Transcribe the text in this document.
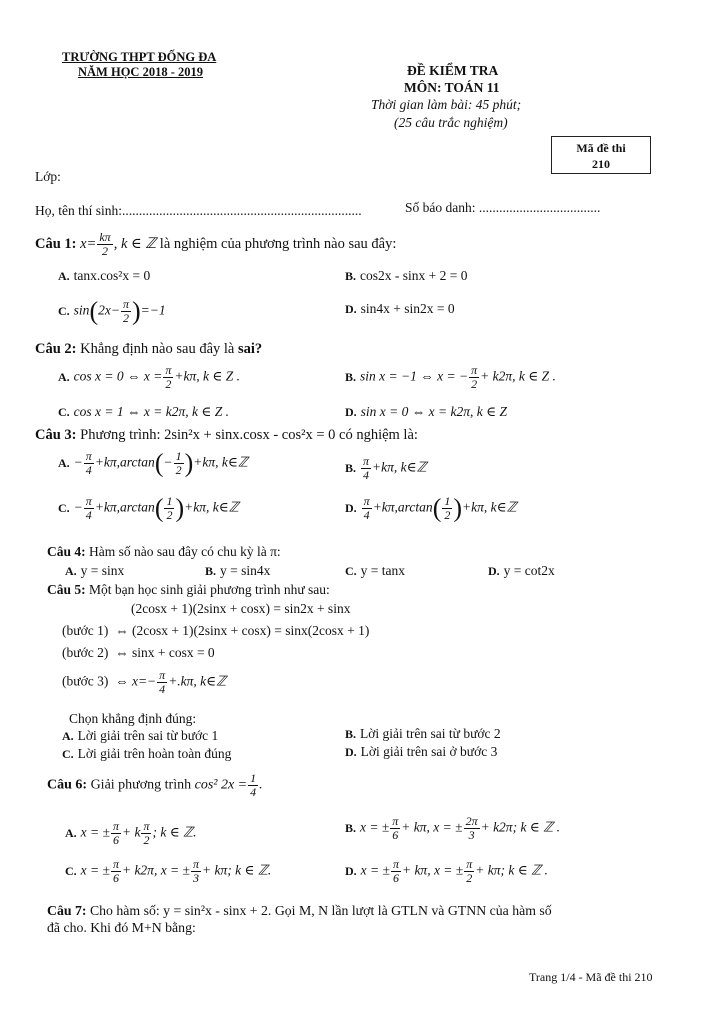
TRƯỜNG THPT ĐỐNG ĐA
NĂM HỌC 2018 - 2019	ĐỀ KIỂM TRA
MÔN: TOÁN 11
Thời gian làm bài: 45 phút;
(25 câu trắc nghiệm)
Mã đề thi
210
Lớp:
Họ, tên thí sinh:.......................................................................	Số báo danh: ....................................
Câu 1: $x= \frac{k\pi}{2}$ , k ∈ ℤ là nghiệm của phương trình nào sau đây:
A. tanx.cos²x = 0	B. cos2x - sinx + 2 = 0
C. $\sin(2x- \frac{\pi}{2} )=-1$	D. sin4x + sin2x = 0
Câu 2: Khẳng định nào sau đây là sai?
A. cos x = 0 ⇔ $x = \frac{\pi}{2} +k\pi$, k ∈ Z .	B. sin x = −1 ⇔ x = − $\frac{\pi}{2} + k2\pi$, k ∈ Z .
C. cos x = 1 ⇔ x = k2π, k ∈ Z .	D. sin x = 0 ⇔ x = k2π, k ∈ Z
Câu 3: Phương trình: 2sin²x + sinx.cosx - cos²x = 0 có nghiệm là:
A. − $\frac{\pi}{4} +k\pi,\arctan(- \frac{1}{2} )+k\pi$, k∈ℤ	B. $\frac{\pi}{4} +k\pi$, k∈ℤ
C. − $\frac{\pi}{4} +k\pi,\arctan( \frac{1}{2} )+k\pi$, k∈ℤ	D. $\frac{\pi}{4} +k\pi,\arctan( \frac{1}{2} )+k\pi$, k∈ℤ
Câu 4: Hàm số nào sau đây có chu kỳ là π:
A. y = sinx	B. y = sin4x	C. y = tanx	D. y = cot2x
Câu 5: Một bạn học sinh giải phương trình như sau:
(2cosx + 1)(2sinx + cosx) = sin2x + sinx
(bước 1) ⇔ (2cosx + 1)(2sinx + cosx) = sinx(2cosx + 1)
(bước 2) ⇔ sinx + cosx = 0
(bước 3) ⇔ $x=- \frac{\pi}{4} +.k\pi$, k∈ℤ
Chọn khẳng định đúng:
A. Lời giải trên sai từ bước 1	B. Lời giải trên sai từ bước 2
C. Lời giải trên hoàn toàn đúng	D. Lời giải trên sai ở bước 3
Câu 6: Giải phương trình cos² $2x = \frac{1}{4}$ .
A. x = ± $\frac{\pi}{6} + k \frac{\pi}{2}$ ; k ∈ ℤ.	B. x = ± $\frac{\pi}{6} + k\pi$, x = ± $\frac{2\pi}{3} + k2\pi$; k ∈ ℤ .
C. x = ± $\frac{\pi}{6} + k2\pi$, x = ± $\frac{\pi}{3} + k\pi$; k ∈ ℤ.	D. x = ± $\frac{\pi}{6} + k\pi$, x = ± $\frac{\pi}{2} + k\pi$; k ∈ ℤ .
Câu 7: Cho hàm số: y = sin²x - sinx + 2. Gọi M, N lần lượt là GTLN và GTNN của hàm số
đã cho. Khi đó M+N bằng:
Trang 1/4 - Mã đề thi 210
